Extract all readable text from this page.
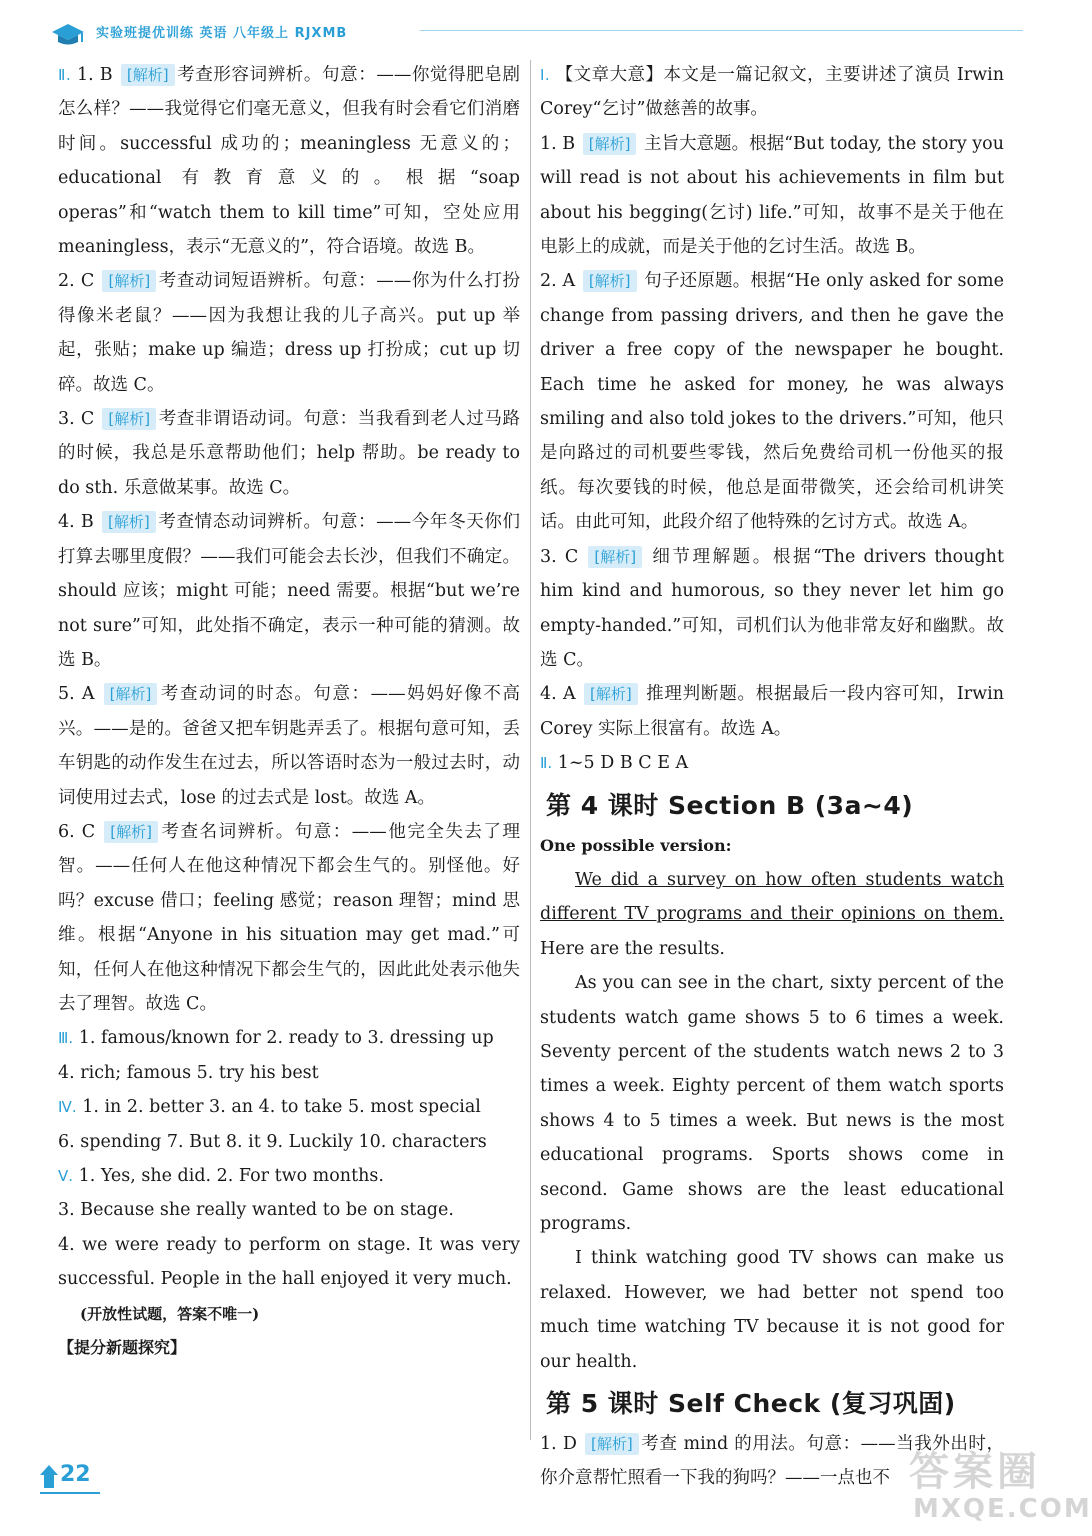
实验班提优训练 英语 八年级上 RJXMB

Ⅱ. 1. B [解析] 考查形容词辨析。句意：——你觉得肥皂剧怎么样？——我觉得它们毫无意义，但我有时会看它们消磨时间。successful 成功的；meaningless 无意义的；educational 有教育意义的。根据“soap operas”和“watch them to kill time”可知，空处应用 meaningless，表示“无意义的”，符合语境。故选 B。

2. C [解析] 考查动词短语辨析。句意：——你为什么打扮得像米老鼠？——因为我想让我的儿子高兴。put up 举起，张贴；make up 编造；dress up 打扮成；cut up 切碎。故选 C。

3. C [解析] 考查非谓语动词。句意：当我看到老人过马路的时候，我总是乐意帮助他们；help 帮助。be ready to do sth. 乐意做某事。故选 C。

4. B [解析] 考查情态动词辨析。句意：——今年冬天你们打算去哪里度假？——我们可能会去长沙，但我们不确定。should 应该；might 可能；need 需要。根据“but we’re not sure”可知，此处指不确定，表示一种可能的猜测。故选 B。

5. A [解析] 考查动词的时态。句意：——妈妈好像不高兴。——是的。爸爸又把车钥匙弄丢了。根据句意可知，丢车钥匙的动作发生在过去，所以答语时态为一般过去时，动词使用过去式，lose 的过去式是 lost。故选 A。

6. C [解析] 考查名词辨析。句意：——他完全失去了理智。——任何人在他这种情况下都会生气的。别怪他。好吗？excuse 借口；feeling 感觉；reason 理智；mind 思维。根据“Anyone in his situation may get mad.”可知，任何人在他这种情况下都会生气的，因此此处表示他失去了理智。故选 C。

Ⅲ. 1. famous/known for 2. ready to 3. dressing up

4. rich; famous 5. try his best

Ⅳ. 1. in 2. better 3. an 4. to take 5. most special

6. spending 7. But 8. it 9. Luckily 10. characters

Ⅴ. 1. Yes, she did. 2. For two months.

3. Because she really wanted to be on stage.

4. we were ready to perform on stage. It was very successful. People in the hall enjoyed it very much.

(开放性试题，答案不唯一)

【提分新题探究】

Ⅰ. 【文章大意】本文是一篇记叙文，主要讲述了演员 Irwin Corey“乞讨”做慈善的故事。

1. B [解析] 主旨大意题。根据“But today, the story you will read is not about his achievements in film but about his begging(乞讨) life.”可知，故事不是关于他在电影上的成就，而是关于他的乞讨生活。故选 B。

2. A [解析] 句子还原题。根据“He only asked for some change from passing drivers, and then he gave the driver a free copy of the newspaper he bought. Each time he asked for money, he was always smiling and also told jokes to the drivers.”可知，他只是向路过的司机要些零钱，然后免费给司机一份他买的报纸。每次要钱的时候，他总是面带微笑，还会给司机讲笑话。由此可知，此段介绍了他特殊的乞讨方式。故选 A。

3. C [解析] 细节理解题。根据“The drivers thought him kind and humorous, so they never let him go empty-handed.”可知，司机们认为他非常友好和幽默。故选 C。

4. A [解析] 推理判断题。根据最后一段内容可知，Irwin Corey 实际上很富有。故选 A。

Ⅱ. 1~5 D B C E A

第 4 课时 Section B (3a~4)

One possible version:

We did a survey on how often students watch different TV programs and their opinions on them. Here are the results.

As you can see in the chart, sixty percent of the students watch game shows 5 to 6 times a week. Seventy percent of the students watch news 2 to 3 times a week. Eighty percent of them watch sports shows 4 to 5 times a week. But news is the most educational programs. Sports shows come in second. Game shows are the least educational programs.

I think watching good TV shows can make us relaxed. However, we had better not spend too much time watching TV because it is not good for our health.

第 5 课时 Self Check (复习巩固)

1. D [解析] 考查 mind 的用法。句意：——当我外出时，你介意帮忙照看一下我的狗吗？——一点也不

22	答案圈
MXQE.COM
